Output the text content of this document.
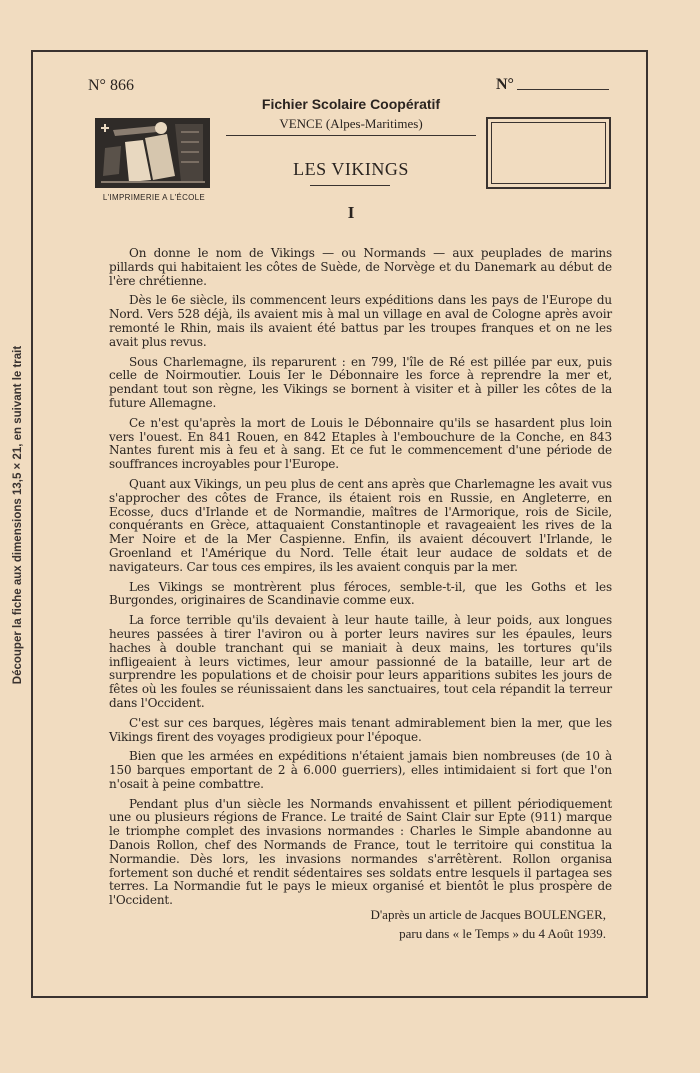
Découper la fiche aux dimensions 13,5 × 21, en suivant le trait
N° 866	N°
L'IMPRIMERIE A L'ÉCOLE
Fichier Scolaire Coopératif
VENCE (Alpes-Maritimes)
LES VIKINGS
I

On donne le nom de Vikings — ou Normands — aux peuplades de marins pillards qui habitaient les côtes de Suède, de Norvège et du Danemark au début de l'ère chrétienne.

Dès le 6e siècle, ils commencent leurs expéditions dans les pays de l'Europe du Nord. Vers 528 déjà, ils avaient mis à mal un village en aval de Cologne après avoir remonté le Rhin, mais ils avaient été battus par les troupes franques et on ne les avait plus revus.

Sous Charlemagne, ils reparurent : en 799, l'île de Ré est pillée par eux, puis celle de Noirmoutier. Louis Ier le Débonnaire les force à reprendre la mer et, pendant tout son règne, les Vikings se bornent à visiter et à piller les côtes de la future Allemagne.

Ce n'est qu'après la mort de Louis le Débonnaire qu'ils se hasardent plus loin vers l'ouest. En 841 Rouen, en 842 Etaples à l'embouchure de la Conche, en 843 Nantes furent mis à feu et à sang. Et ce fut le commencement d'une période de souffrances incroyables pour l'Europe.

Quant aux Vikings, un peu plus de cent ans après que Charlemagne les avait vus s'approcher des côtes de France, ils étaient rois en Russie, en Angleterre, en Ecosse, ducs d'Irlande et de Normandie, maîtres de l'Armorique, rois de Sicile, conquérants en Grèce, attaquaient Constantinople et ravageaient les rives de la Mer Noire et de la Mer Caspienne. Enfin, ils avaient découvert l'Irlande, le Groenland et l'Amérique du Nord. Telle était leur audace de soldats et de navigateurs. Car tous ces empires, ils les avaient conquis par la mer.

Les Vikings se montrèrent plus féroces, semble-t-il, que les Goths et les Burgondes, originaires de Scandinavie comme eux.

La force terrible qu'ils devaient à leur haute taille, à leur poids, aux longues heures passées à tirer l'aviron ou à porter leurs navires sur les épaules, leurs haches à double tranchant qui se maniait à deux mains, les tortures qu'ils infligeaient à leurs victimes, leur amour passionné de la bataille, leur art de surprendre les populations et de choisir pour leurs apparitions subites les jours de fêtes où les foules se réunissaient dans les sanctuaires, tout cela répandit la terreur dans l'Occident.

C'est sur ces barques, légères mais tenant admirablement bien la mer, que les Vikings firent des voyages prodigieux pour l'époque.

Bien que les armées en expéditions n'étaient jamais bien nombreuses (de 10 à 150 barques emportant de 2 à 6.000 guerriers), elles intimidaient si fort que l'on n'osait à peine combattre.

Pendant plus d'un siècle les Normands envahissent et pillent périodiquement une ou plusieurs régions de France. Le traité de Saint Clair sur Epte (911) marque le triomphe complet des invasions normandes : Charles le Simple abandonne au Danois Rollon, chef des Normands de France, tout le territoire qui constitua la Normandie. Dès lors, les invasions normandes s'arrêtèrent. Rollon organisa fortement son duché et rendit sédentaires ses soldats entre lesquels il partagea ses terres. La Normandie fut le pays le mieux organisé et bientôt le plus prospère de l'Occident.

D'après un article de Jacques BOULENGER,
paru dans « le Temps » du 4 Août 1939.
